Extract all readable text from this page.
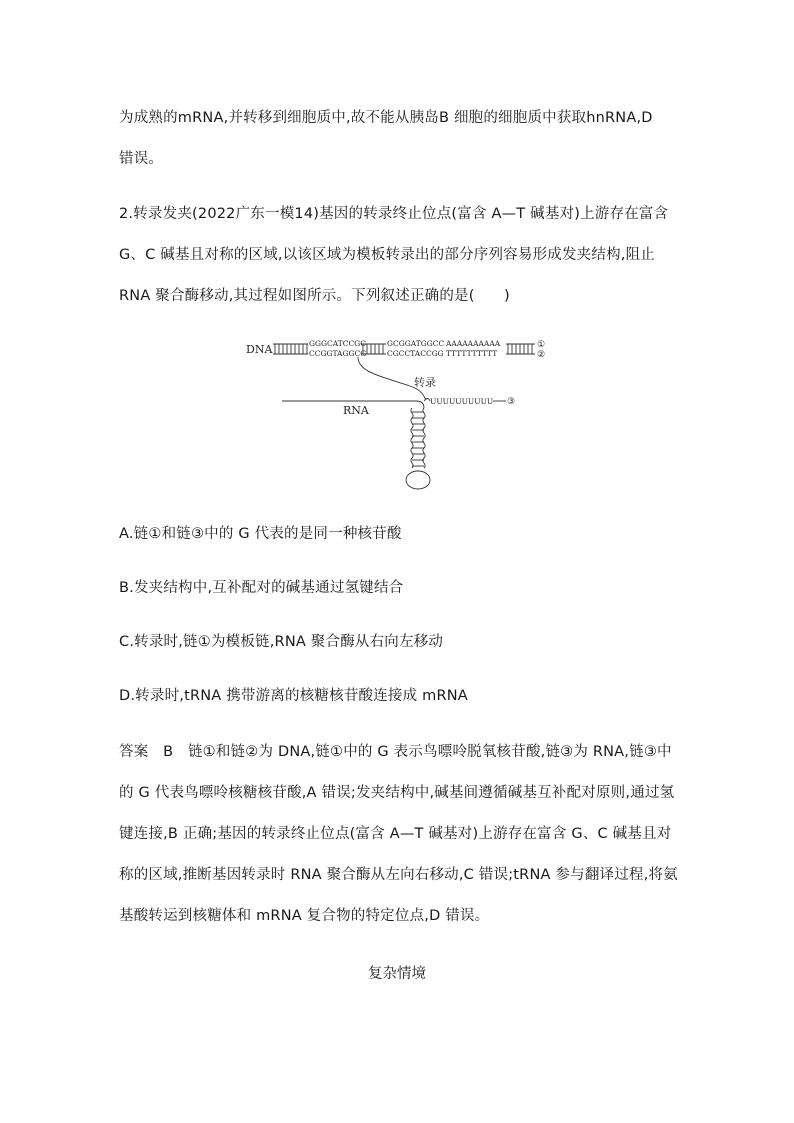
为成熟的mRNA,并转移到细胞质中,故不能从胰岛B 细胞的细胞质中获取hnRNA,D
错误。
2.转录发夹(2022广东一模14)基因的转录终止位点(富含 A—T 碱基对)上游存在富含
G、C 碱基且对称的区域,以该区域为模板转录出的部分序列容易形成发夹结构,阻止
RNA 聚合酶移动,其过程如图所示。下列叙述正确的是(　　)
DNA	GGGCATCCGC
CCGGTAGGCG
GCGGATGGCC
CGCCTACCGG
AAAAAAAAAA
TTTTTTTTTT
①
②
转录
RNA
UUUUUUUUUU ③
A.链①和链③中的 G 代表的是同一种核苷酸
B.发夹结构中,互补配对的碱基通过氢键结合
C.转录时,链①为模板链,RNA 聚合酶从右向左移动
D.转录时,tRNA 携带游离的核糖核苷酸连接成 mRNA
答案　B　链①和链②为 DNA,链①中的 G 表示鸟嘌呤脱氧核苷酸,链③为 RNA,链③中
的 G 代表鸟嘌呤核糖核苷酸,A 错误;发夹结构中,碱基间遵循碱基互补配对原则,通过氢
键连接,B 正确;基因的转录终止位点(富含 A—T 碱基对)上游存在富含 G、C 碱基且对
称的区域,推断基因转录时 RNA 聚合酶从左向右移动,C 错误;tRNA 参与翻译过程,将氨
基酸转运到核糖体和 mRNA 复合物的特定位点,D 错误。
复杂情境
